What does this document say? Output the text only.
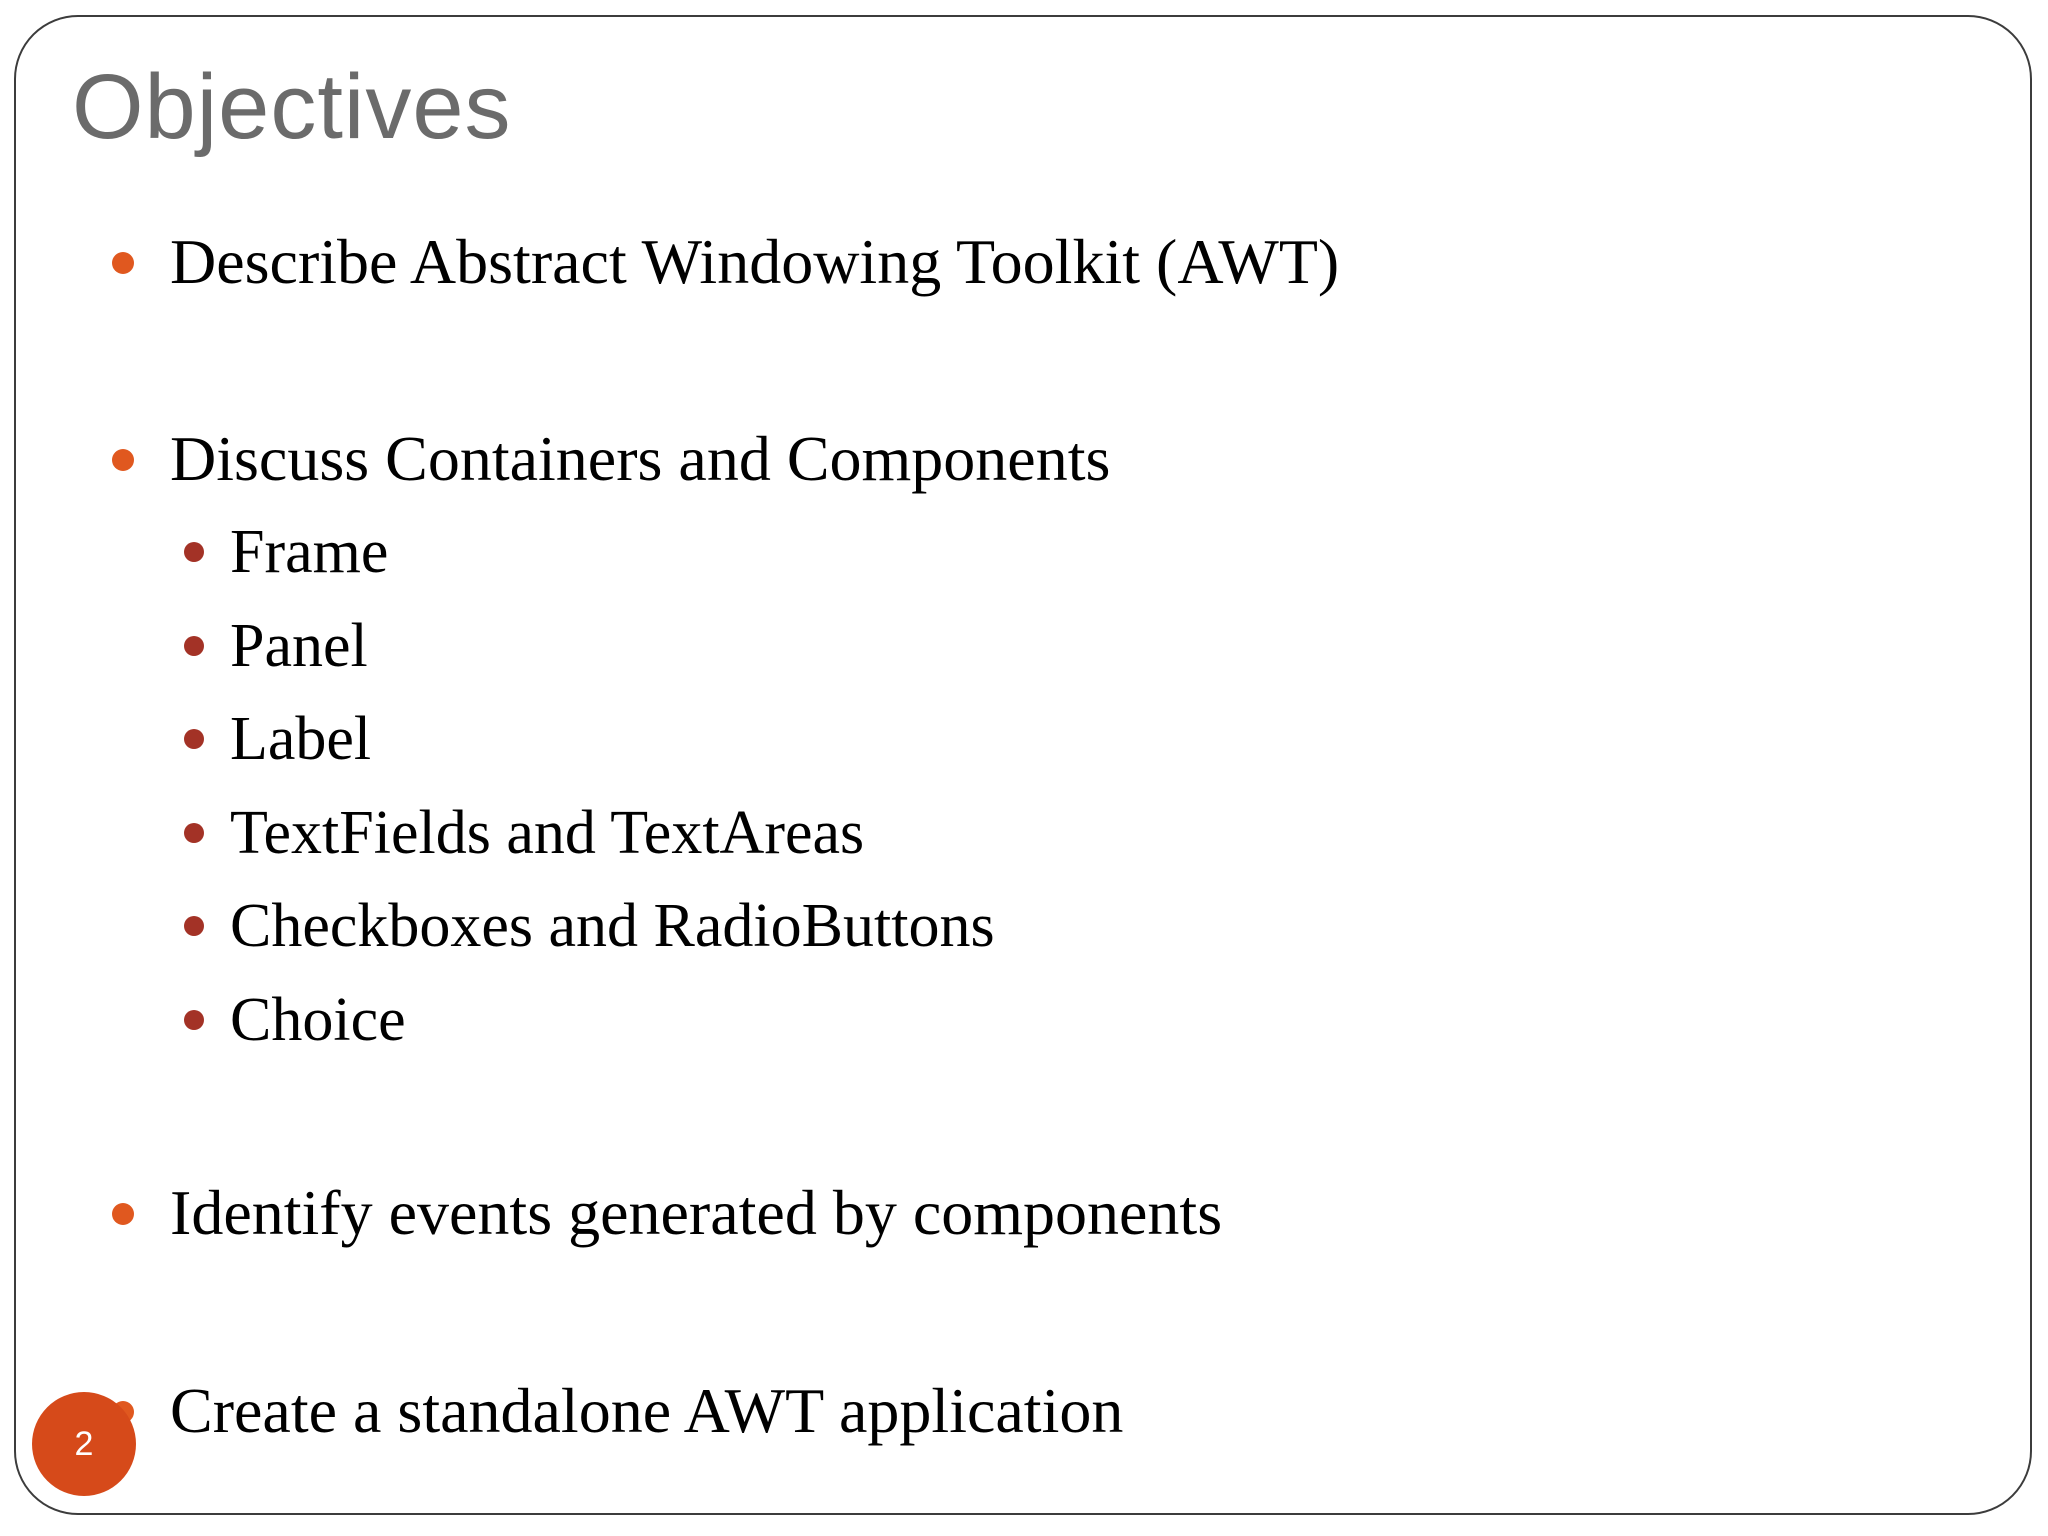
Objectives
Describe Abstract Windowing Toolkit (AWT)
Discuss Containers and Components
Frame
Panel
Label
TextFields and TextAreas
Checkboxes and RadioButtons
Choice
Identify events generated by components
Create a standalone AWT application
2
